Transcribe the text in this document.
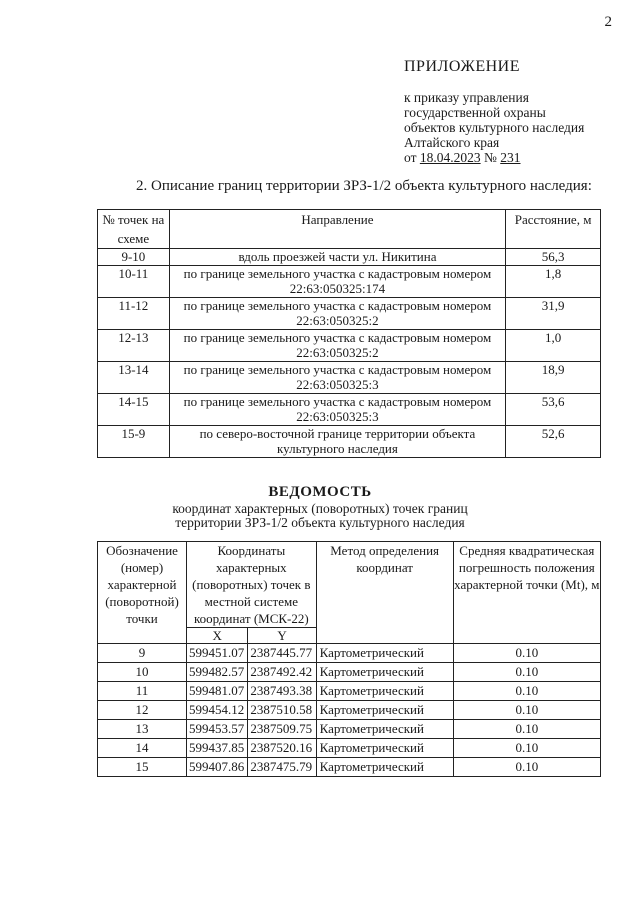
2
ПРИЛОЖЕНИЕ
к приказу управления
государственной охраны
объектов культурного наследия
Алтайского края
от 18.04.2023 № 231
2. Описание границ территории ЗРЗ-1/2 объекта культурного наследия:
№ точек на схеме	Направление	Расстояние, м
9-10	вдоль проезжей части ул. Никитина	56,3
10-11	по границе земельного участка с кадастровым номером 22:63:050325:174	1,8
11-12	по границе земельного участка с кадастровым номером 22:63:050325:2	31,9
12-13	по границе земельного участка с кадастровым номером 22:63:050325:2	1,0
13-14	по границе земельного участка с кадастровым номером 22:63:050325:3	18,9
14-15	по границе земельного участка с кадастровым номером 22:63:050325:3	53,6
15-9	по северо-восточной границе территории объекта культурного наследия	52,6
ВЕДОМОСТЬ
координат характерных (поворотных) точек границ
территории ЗРЗ-1/2 объекта культурного наследия
Обозначение (номер) характерной (поворотной) точки	Координаты характерных (поворотных) точек в местной системе координат (МСК-22)		Метод определения координат	Средняя квадратическая погрешность положения характерной точки (Mt), м
	X	Y		
9	599451.07	2387445.77	Картометрический	0.10
10	599482.57	2387492.42	Картометрический	0.10
11	599481.07	2387493.38	Картометрический	0.10
12	599454.12	2387510.58	Картометрический	0.10
13	599453.57	2387509.75	Картометрический	0.10
14	599437.85	2387520.16	Картометрический	0.10
15	599407.86	2387475.79	Картометрический	0.10
